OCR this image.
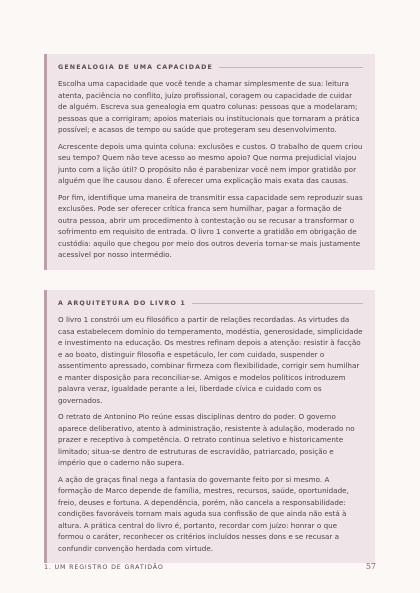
GENEALOGIA DE UMA CAPACIDADE

Escolha uma capacidade que você tende a chamar simplesmente de sua: leitura atenta, paciência no conflito, juízo profissional, coragem ou capacidade de cuidar de alguém. Escreva sua genealogia em quatro colunas: pessoas que a modelaram; pessoas que a corrigiram; apoios materiais ou institucionais que tornaram a prática possível; e acasos de tempo ou saúde que protegeram seu desenvolvimento.

Acrescente depois uma quinta coluna: exclusões e custos. O trabalho de quem criou seu tempo? Quem não teve acesso ao mesmo apoio? Que norma prejudicial viajou junto com a lição útil? O propósito não é parabenizar você nem impor gratidão por alguém que lhe causou dano. É oferecer uma explicação mais exata das causas.

Por fim, identifique uma maneira de transmitir essa capacidade sem reproduzir suas exclusões. Pode ser oferecer crítica franca sem humilhar, pagar a formação de outra pessoa, abrir um procedimento à contestação ou se recusar a transformar o sofrimento em requisito de entrada. O livro 1 converte a gratidão em obrigação de custódia: aquilo que chegou por meio dos outros deveria tornar-se mais justamente acessível por nosso intermédio.

A ARQUITETURA DO LIVRO 1

O livro 1 constrói um eu filosófico a partir de relações recordadas. As virtudes da casa estabelecem domínio do temperamento, modéstia, generosidade, simplicidade e investimento na educação. Os mestres refinam depois a atenção: resistir à facção e ao boato, distinguir filosofia e espetáculo, ler com cuidado, suspender o assentimento apressado, combinar firmeza com flexibilidade, corrigir sem humilhar e manter disposição para reconciliar-se. Amigos e modelos políticos introduzem palavra veraz, igualdade perante a lei, liberdade cívica e cuidado com os governados.

O retrato de Antonino Pio reúne essas disciplinas dentro do poder. O governo aparece deliberativo, atento à administração, resistente à adulação, moderado no prazer e receptivo à competência. O retrato continua seletivo e historicamente limitado; situa-se dentro de estruturas de escravidão, patriarcado, posição e império que o caderno não supera.

A ação de graças final nega a fantasia do governante feito por si mesmo. A formação de Marco depende de família, mestres, recursos, saúde, oportunidade, freio, deuses e fortuna. A dependência, porém, não cancela a responsabilidade: condições favoráveis tornam mais aguda sua confissão de que ainda não está à altura. A prática central do livro é, portanto, recordar com juízo: honrar o que formou o caráter, reconhecer os critérios incluídos nesses dons e se recusar a confundir convenção herdada com virtude.

1. UM REGISTRO DE GRATIDÃO	57
